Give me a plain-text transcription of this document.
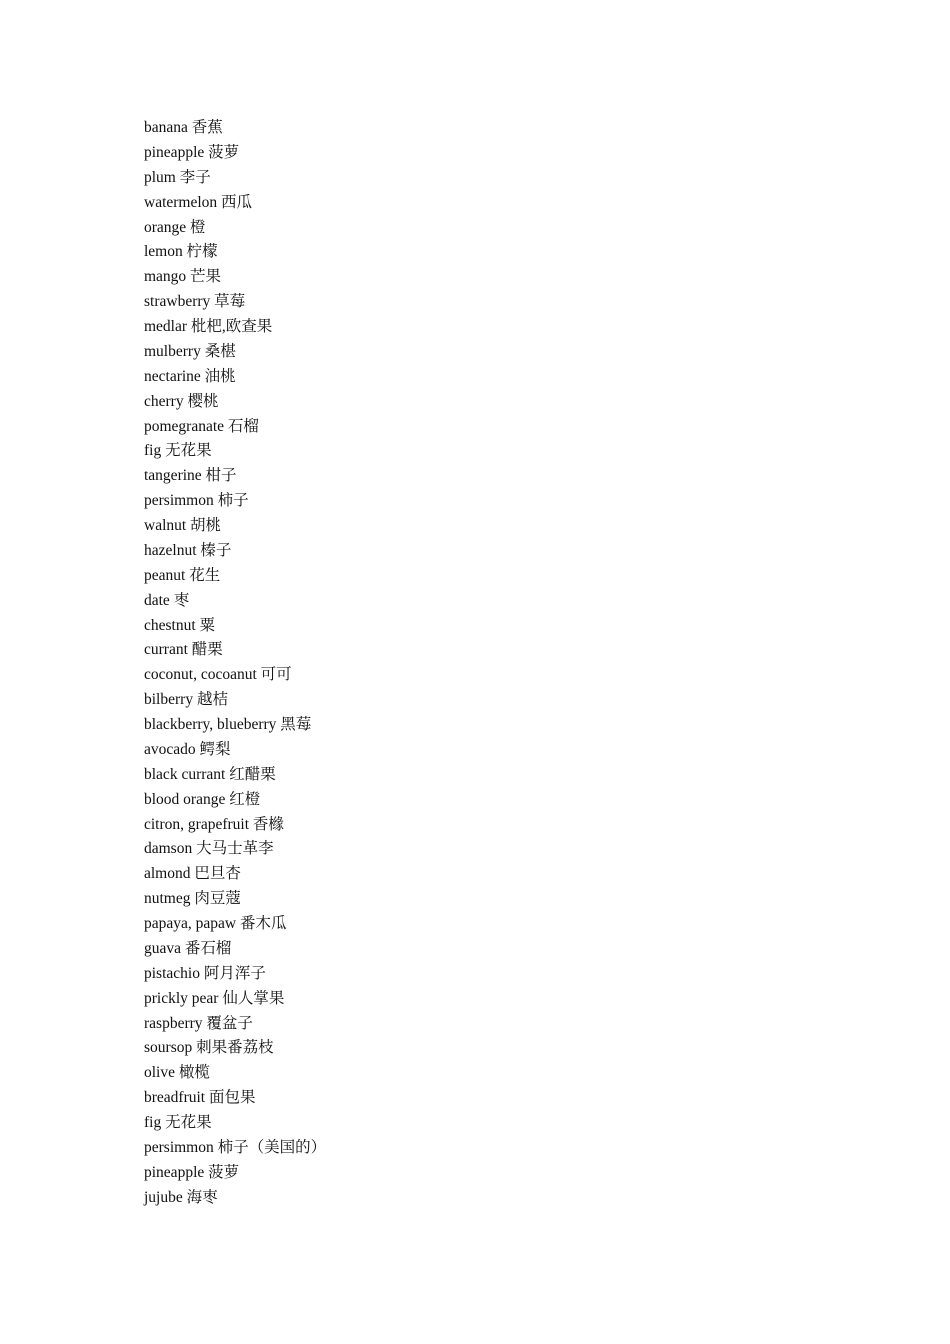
banana 香蕉
pineapple 菠萝
plum 李子
watermelon 西瓜
orange 橙
lemon 柠檬
mango 芒果
strawberry 草莓
medlar 枇杷,欧查果
mulberry 桑椹
nectarine 油桃
cherry 樱桃
pomegranate 石榴
fig 无花果
tangerine 柑子
persimmon 柿子
walnut 胡桃
hazelnut 榛子
peanut 花生
date 枣
chestnut 粟
currant 醋栗
coconut, cocoanut 可可
bilberry 越桔
blackberry, blueberry 黑莓
avocado 鳄梨
black currant 红醋栗
blood orange 红橙
citron, grapefruit 香橼
damson 大马士革李
almond 巴旦杏
nutmeg 肉豆蔻
papaya, papaw 番木瓜
guava 番石榴
pistachio 阿月浑子
prickly pear 仙人掌果
raspberry 覆盆子
soursop 刺果番荔枝
olive 橄榄
breadfruit 面包果
fig 无花果
persimmon 柿子（美国的）
pineapple 菠萝
jujube 海枣
